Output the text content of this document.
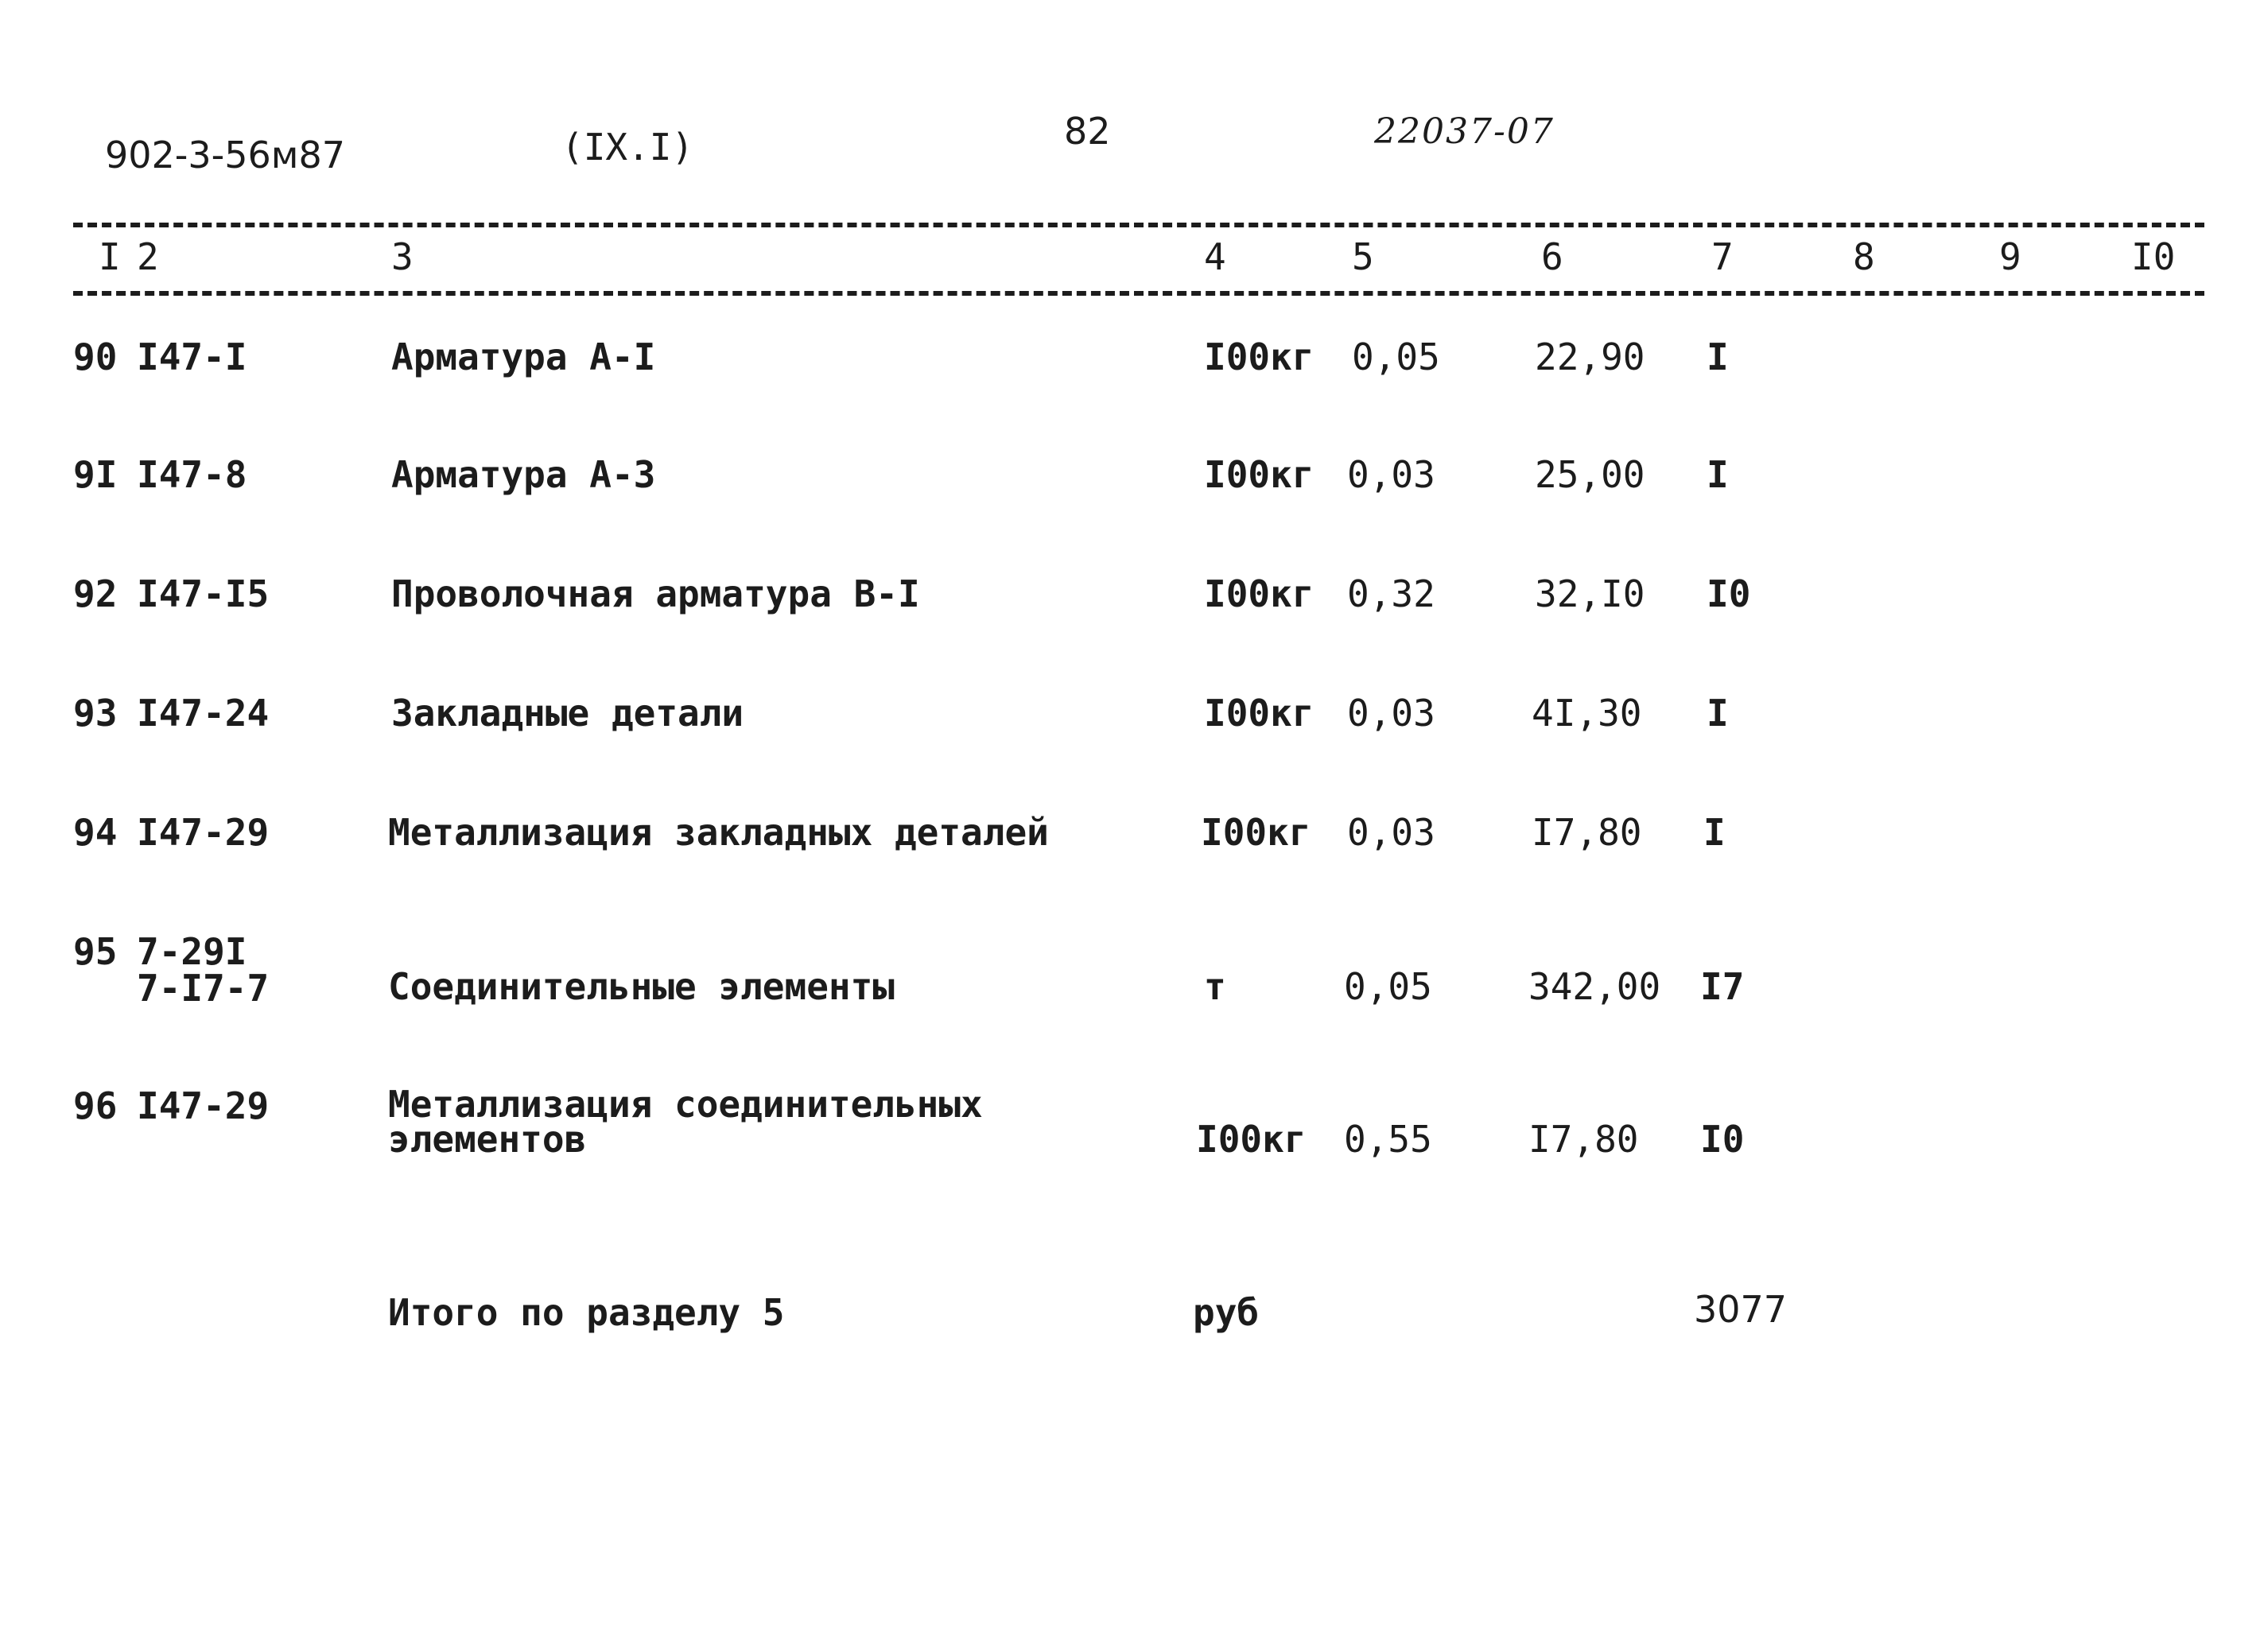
902-3-56м87	(IX.I)	82	22037-07
I 2	3	4	5	6	7	8	9	I0
90 I47-I	Арматура А-I	I00кг 0,05	22,90 I
9I I47-8	Арматура А-3	I00кг 0,03	25,00 I
92 I47-I5	Проволочная арматура В-I	I00кг 0,32	32,I0 I0
93 I47-24	Закладные детали	I00кг 0,03	4I,30 I
94 I47-29	Металлизация закладных деталей	I00кг 0,03	I7,80 I
95 7-29I
7-I7-7	Соединительные элементы	т	0,05	342,00 I7
96 I47-29	Металлизация соединительных
элементов	I00кг 0,55	I7,80 I0
Итого по разделу 5	руб	3077
